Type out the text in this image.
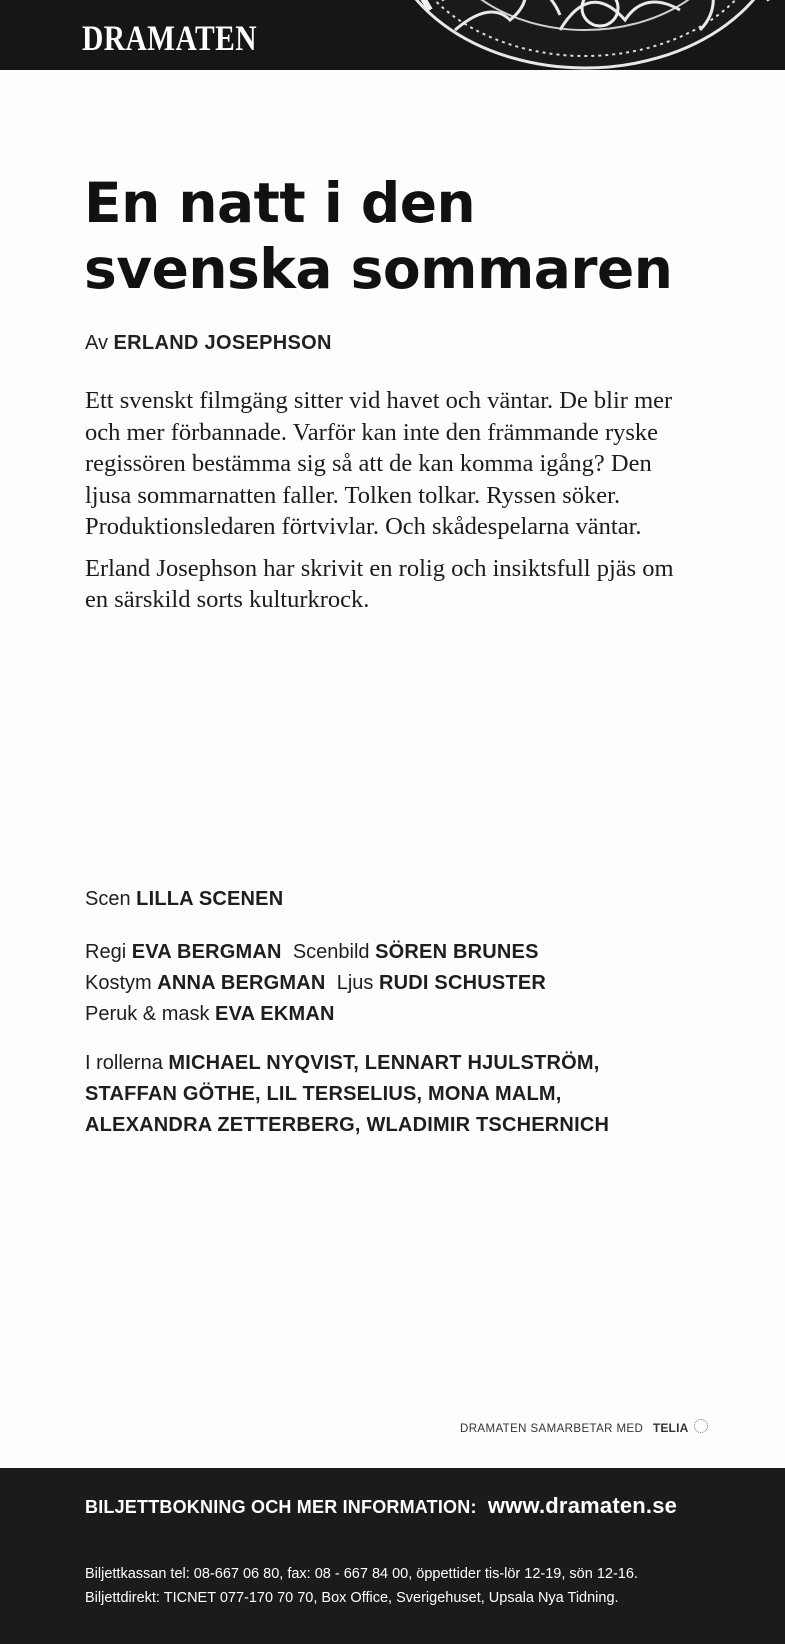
DRAMATEN
En natt i den
svenska sommaren
Av ERLAND JOSEPHSON

Ett svenskt filmgäng sitter vid havet och väntar. De blir mer och mer förbannade. Varför kan inte den främmande ryske regissören bestämma sig så att de kan komma igång? Den ljusa sommarnatten faller. Tolken tolkar. Ryssen söker. Produktionsledaren förtvivlar. Och skådespelarna väntar.

Erland Josephson har skrivit en rolig och insiktsfull pjäs om en särskild sorts kulturkrock.

Scen LILLA SCENEN
Regi EVA BERGMAN Scenbild SÖREN BRUNES
Kostym ANNA BERGMAN Ljus RUDI SCHUSTER
Peruk & mask EVA EKMAN
I rollerna MICHAEL NYQVIST, LENNART HJULSTRÖM,
STAFFAN GÖTHE, LIL TERSELIUS, MONA MALM,
ALEXANDRA ZETTERBERG, WLADIMIR TSCHERNICH
DRAMATEN SAMARBETAR MED TELIA
BILJETTBOKNING OCH MER INFORMATION: www.dramaten.se
Biljettkassan tel: 08-667 06 80, fax: 08 - 667 84 00, öppettider tis-lör 12-19, sön 12-16.
Biljettdirekt: TICNET 077-170 70 70, Box Office, Sverigehuset, Upsala Nya Tidning.
